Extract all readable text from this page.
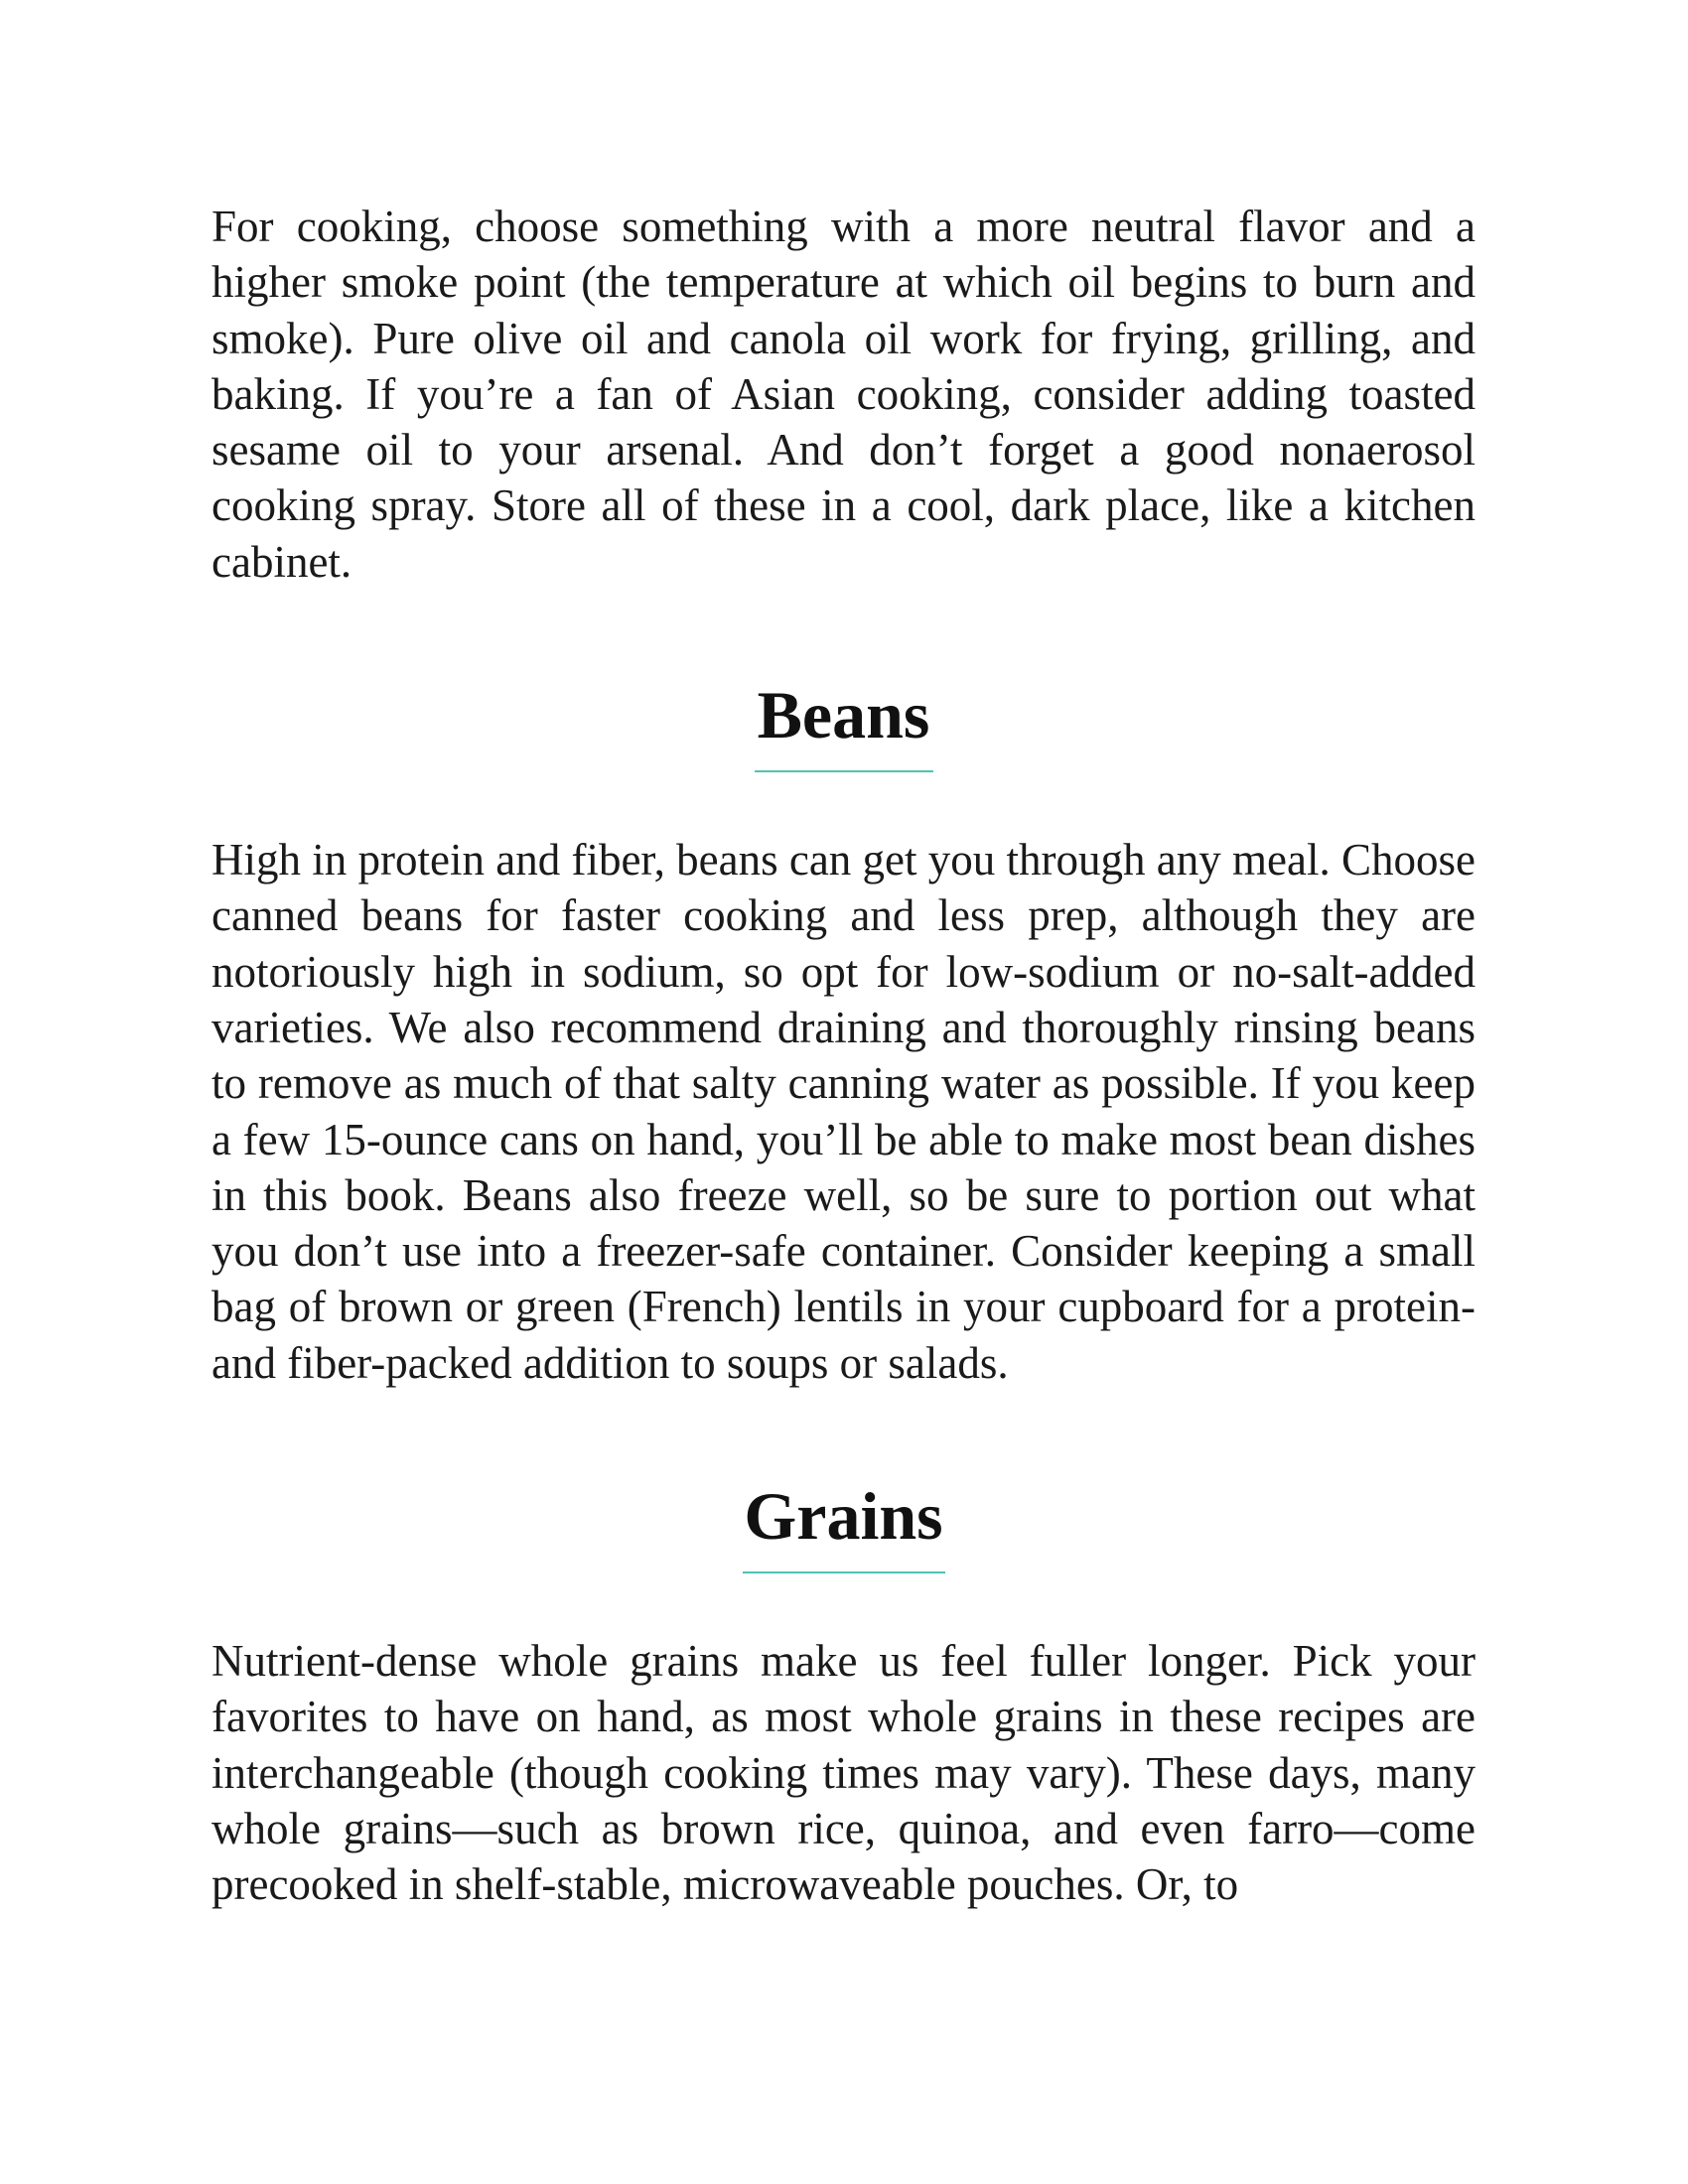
For cooking, choose something with a more neutral flavor and a higher smoke point (the temperature at which oil begins to burn and smoke). Pure olive oil and canola oil work for frying, grilling, and baking. If you’re a fan of Asian cooking, consider adding toasted sesame oil to your arsenal. And don’t forget a good nonaerosol cooking spray. Store all of these in a cool, dark place, like a kitchen cabinet.

Beans

High in protein and fiber, beans can get you through any meal. Choose canned beans for faster cooking and less prep, although they are notoriously high in sodium, so opt for low-sodium or no-salt-added varieties. We also recommend draining and thoroughly rinsing beans to remove as much of that salty canning water as possible. If you keep a few 15-ounce cans on hand, you’ll be able to make most bean dishes in this book. Beans also freeze well, so be sure to portion out what you don’t use into a freezer-safe container. Consider keeping a small bag of brown or green (French) lentils in your cupboard for a protein- and fiber-packed addition to soups or salads.

Grains

Nutrient-dense whole grains make us feel fuller longer. Pick your favorites to have on hand, as most whole grains in these recipes are interchangeable (though cooking times may vary). These days, many whole grains—such as brown rice, quinoa, and even farro—come precooked in shelf-stable, microwaveable pouches. Or, to
